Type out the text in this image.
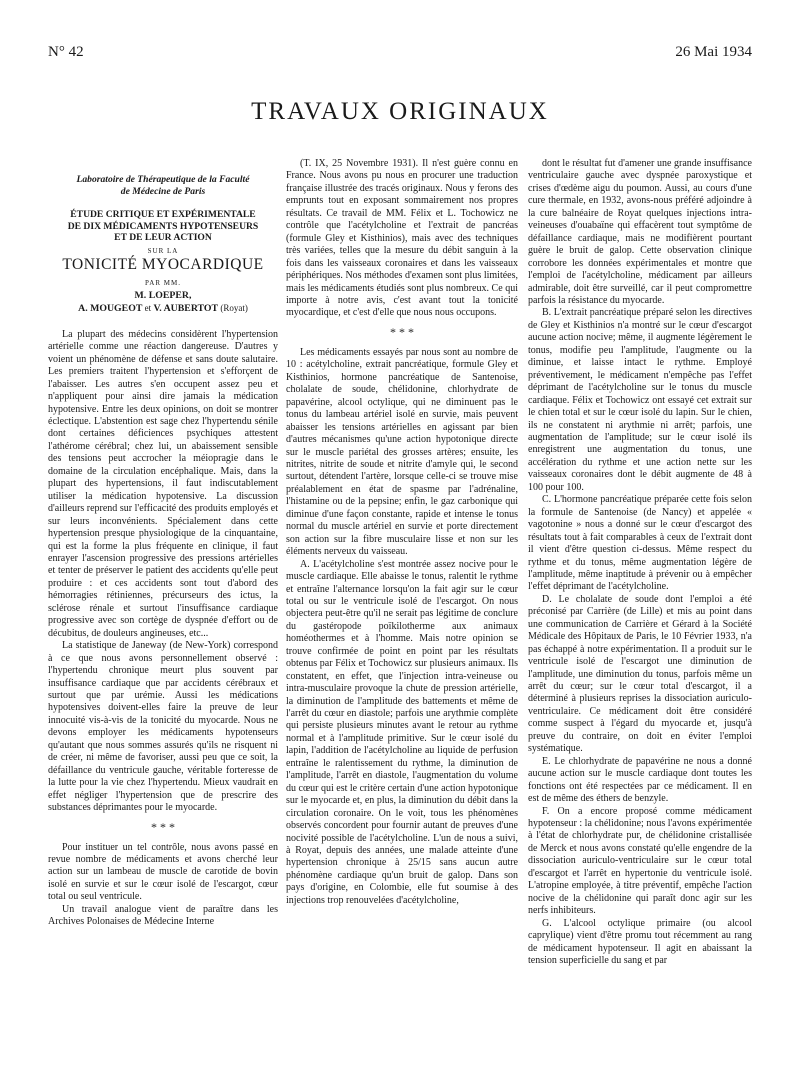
N° 42	26 Mai 1934
TRAVAUX ORIGINAUX
Laboratoire de Thérapeutique de la Faculté
de Médecine de Paris
ÉTUDE CRITIQUE ET EXPÉRIMENTALE
DE DIX MÉDICAMENTS HYPOTENSEURS
ET DE LEUR ACTION
SUR LA
TONICITÉ MYOCARDIQUE
PAR MM.
M. LOEPER,
A. MOUGEOT et V. AUBERTOT (Royat)

La plupart des médecins considèrent l'hypertension artérielle comme une réaction dangereuse. D'autres y voient un phénomène de défense et sans doute salutaire. Les premiers traitent l'hypertension et s'efforçent de l'abaisser. Les autres s'en occupent assez peu et n'appliquent pour ainsi dire jamais la médication hypotensive. Entre les deux opinions, on doit se montrer éclectique. L'abstention est sage chez l'hypertendu sénile dont certaines déficiences psychiques attestent l'athérome cérébral; chez lui, un abaissement sensible des tensions peut accrocher la méiopragie dans le domaine de la circulation encéphalique. Mais, dans la plupart des hypertensions, il faut indiscutablement utiliser la médication hypotensive. La discussion d'ailleurs reprend sur l'efficacité des produits employés et sur leurs inconvénients. Spécialement dans cette hypertension presque physiologique de la cinquantaine, qui est la forme la plus fréquente en clinique, il faut enrayer l'ascension progressive des pressions artérielles et tenter de préserver le patient des accidents qu'elle peut produire : et ces accidents sont tout d'abord des hémorragies rétiniennes, précurseurs des ictus, la sclérose rénale et surtout l'insuffisance cardiaque progressive avec son cortège de dyspnée d'effort ou de décubitus, de douleurs angineuses, etc...

La statistique de Janeway (de New-York) correspond à ce que nous avons personnellement observé : l'hypertendu chronique meurt plus souvent par insuffisance cardiaque que par accidents cérébraux et surtout que par urémie. Aussi les médications hypotensives doivent-elles faire la preuve de leur innocuité vis-à-vis de la tonicité du myocarde. Nous ne devons employer les médicaments hypotenseurs qu'autant que nous sommes assurés qu'ils ne risquent ni de créer, ni même de favoriser, aussi peu que ce soit, la défaillance du ventricule gauche, véritable forteresse de la lutte pour la vie chez l'hypertendu. Mieux vaudrait en effet négliger l'hypertension que de prescrire des substances déprimantes pour le myocarde.

* * *

Pour instituer un tel contrôle, nous avons passé en revue nombre de médicaments et avons cherché leur action sur un lambeau de muscle de carotide de bovin isolé en survie et sur le cœur isolé de l'escargot, cœur total ou seul ventricule.

Un travail analogue vient de paraître dans les Archives Polonaises de Médecine Interne

(T. IX, 25 Novembre 1931). Il n'est guère connu en France. Nous avons pu nous en procurer une traduction française illustrée des tracés originaux. Nous y ferons des emprunts tout en exposant sommairement nos propres résultats. Ce travail de MM. Félix et L. Tochowicz ne contrôle que l'acétylcholine et l'extrait de pancréas (formule Gley et Kisthinios), mais avec des techniques très variées, telles que la mesure du débit sanguin à la fois dans les vaisseaux coronaires et dans les vaisseaux périphériques. Nos méthodes d'examen sont plus limitées, mais les médicaments étudiés sont plus nombreux. Ce qui importe à notre avis, c'est avant tout la tonicité myocardique, et c'est d'elle que nous nous occupons.

* * *

Les médicaments essayés par nous sont au nombre de 10 : acétylcholine, extrait pancréatique, formule Gley et Kisthinios, hormone pancréatique de Santenoise, cholalate de soude, chélidonine, chlorhydrate de papavérine, alcool octylique, qui ne diminuent pas le tonus du lambeau artériel isolé en survie, mais peuvent abaisser les tensions artérielles en agissant par bien d'autres mécanismes qu'une action hypotonique directe sur le muscle pariétal des grosses artères; ensuite, les nitrites, nitrite de soude et nitrite d'amyle qui, le second surtout, détendent l'artère, lorsque celle-ci se trouve mise préalablement en état de spasme par l'adrénaline, l'histamine ou de la pepsine; enfin, le gaz carbonique qui diminue d'une façon constante, rapide et intense le tonus normal du muscle artériel en survie et porte directement son action sur la fibre musculaire lisse et non sur les éléments nerveux du vaisseau.

A. L'acétylcholine s'est montrée assez nocive pour le muscle cardiaque. Elle abaisse le tonus, ralentit le rythme et entraîne l'alternance lorsqu'on la fait agir sur le cœur total ou sur le ventricule isolé de l'escargot. On nous objectera peut-être qu'il ne serait pas légitime de conclure du gastéropode poïkilotherme aux animaux homéothermes et à l'homme. Mais notre opinion se trouve confirmée de point en point par les résultats obtenus par Félix et Tochowicz sur plusieurs animaux. Ils constatent, en effet, que l'injection intra-veineuse ou intra-musculaire provoque la chute de pression artérielle, la diminution de l'amplitude des battements et même de l'arrêt du cœur en diastole; parfois une arythmie complète qui persiste plusieurs minutes avant le retour au rythme normal et à l'amplitude primitive. Sur le cœur isolé du lapin, l'addition de l'acétylcholine au liquide de perfusion entraîne le ralentissement du rythme, la diminution de l'amplitude, l'arrêt en diastole, l'augmentation du volume du cœur qui est le critère certain d'une action hypotonique sur le myocarde et, en plus, la diminution du débit dans la circulation coronaire. On le voit, tous les phénomènes observés concordent pour fournir autant de preuves d'une nocivité possible de l'acétylcholine. L'un de nous a suivi, à Royat, depuis des années, une malade atteinte d'une hypertension chronique à 25/15 sans aucun autre phénomène cardiaque qu'un bruit de galop. Dans son pays d'origine, en Colombie, elle fut soumise à des injections trop renouvelées d'acétylcholine,

dont le résultat fut d'amener une grande insuffisance ventriculaire gauche avec dyspnée paroxystique et crises d'œdème aigu du poumon. Aussi, au cours d'une cure thermale, en 1932, avons-nous préféré adjoindre à la cure balnéaire de Royat quelques injections intra-veineuses d'ouabaïne qui effacèrent tout symptôme de défaillance cardiaque, mais ne modifièrent pourtant guère le bruit de galop. Cette observation clinique corrobore les données expérimentales et montre que l'emploi de l'acétylcholine, médicament par ailleurs admirable, doit être surveillé, car il peut compromettre parfois la résistance du myocarde.

B. L'extrait pancréatique préparé selon les directives de Gley et Kisthinios n'a montré sur le cœur d'escargot aucune action nocive; même, il augmente légèrement le tonus, modifie peu l'amplitude, l'augmente ou la diminue, et laisse intact le rythme. Employé préventivement, le médicament n'empêche pas l'effet déprimant de l'acétylcholine sur le tonus du muscle cardiaque. Félix et Tochowicz ont essayé cet extrait sur le chien total et sur le cœur isolé du lapin. Sur le chien, ils ne constatent ni arythmie ni arrêt; parfois, une augmentation de l'amplitude; sur le cœur isolé ils enregistrent une augmentation du tonus, une accélération du rythme et une action nette sur les vaisseaux coronaires dont le débit augmente de 48 à 100 pour 100.

C. L'hormone pancréatique préparée cette fois selon la formule de Santenoise (de Nancy) et appelée « vagotonine » nous a donné sur le cœur d'escargot des résultats tout à fait comparables à ceux de l'extrait dont il vient d'être question ci-dessus. Même respect du rythme et du tonus, même augmentation légère de l'amplitude, même inaptitude à prévenir ou à empêcher l'effet déprimant de l'acétylcholine.

D. Le cholalate de soude dont l'emploi a été préconisé par Carrière (de Lille) et mis au point dans une communication de Carrière et Gérard à la Société Médicale des Hôpitaux de Paris, le 10 Février 1933, n'a pas échappé à notre expérimentation. Il a produit sur le ventricule isolé de l'escargot une diminution de l'amplitude, une diminution du tonus, parfois même un arrêt du cœur; sur le cœur total d'escargot, il a déterminé à plusieurs reprises la dissociation auriculo-ventriculaire. Ce médicament doit être considéré comme suspect à l'égard du myocarde et, jusqu'à preuve du contraire, on doit en éviter l'emploi systématique.

E. Le chlorhydrate de papavérine ne nous a donné aucune action sur le muscle cardiaque dont toutes les fonctions ont été respectées par ce médicament. Il en est de même des éthers de benzyle.

F. On a encore proposé comme médicament hypotenseur : la chélidonine; nous l'avons expérimentée à l'état de chlorhydrate pur, de chélidonine cristallisée de Merck et nous avons constaté qu'elle engendre de la dissociation auriculo-ventriculaire sur le cœur total d'escargot et l'arrêt en hypertonie du ventricule isolé. L'atropine employée, à titre préventif, empêche l'action nocive de la chélidonine qui paraît donc agir sur les nerfs inhibiteurs.

G. L'alcool octylique primaire (ou alcool caprylique) vient d'être promu tout récemment au rang de médicament hypotenseur. Il agit en abaissant la tension superficielle du sang et par
